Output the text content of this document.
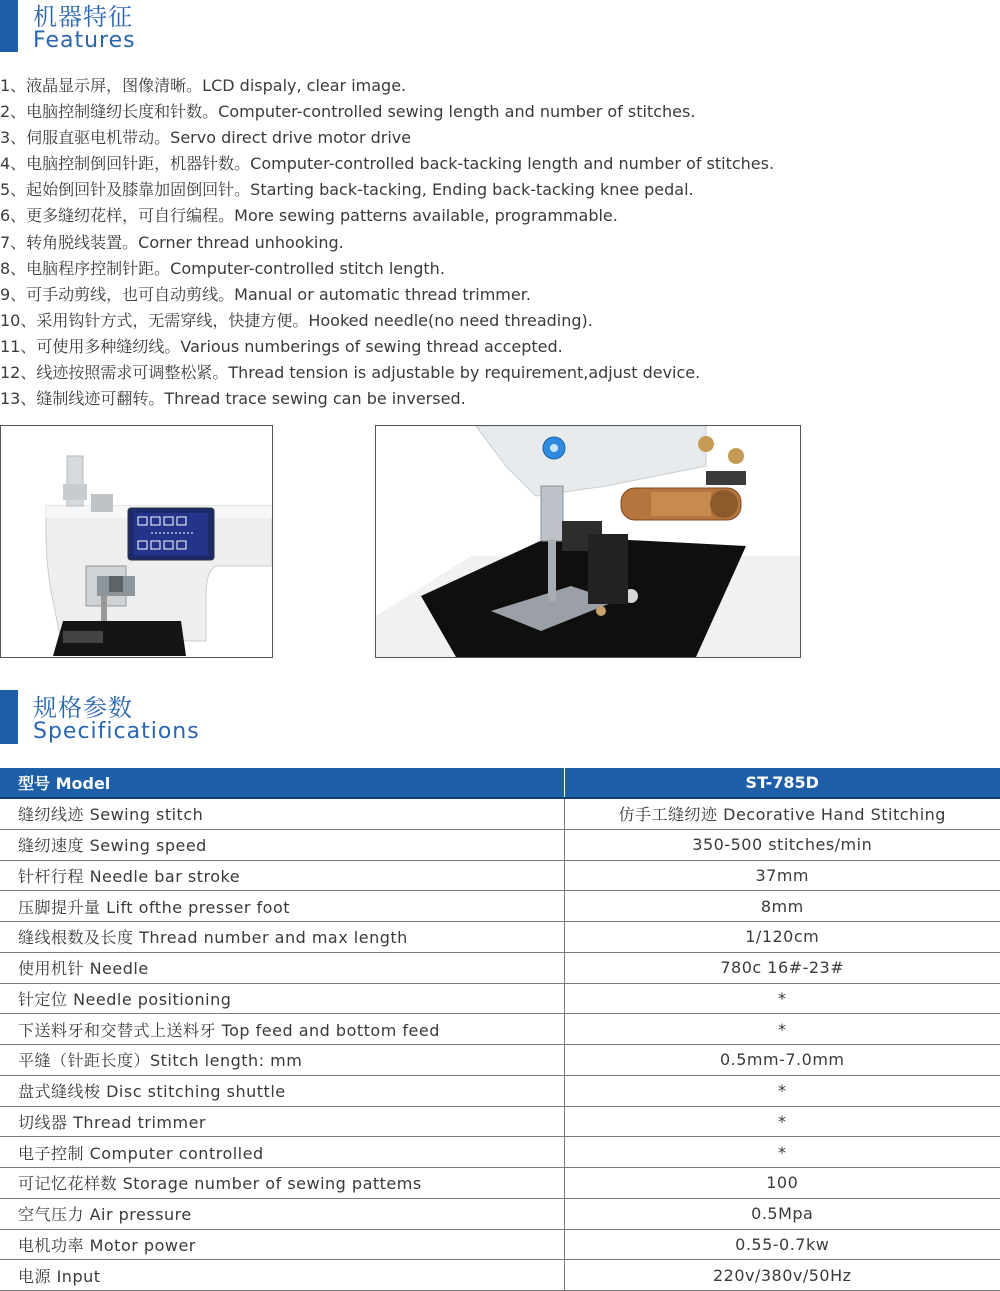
机器特征
Features
1、液晶显示屏，图像清晰。LCD dispaly, clear image.
2、电脑控制缝纫长度和针数。Computer-controlled sewing length and number of stitches.
3、伺服直驱电机带动。Servo direct drive motor drive
4、电脑控制倒回针距，机器针数。Computer-controlled back-tacking length and number of stitches.
5、起始倒回针及膝靠加固倒回针。Starting back-tacking, Ending back-tacking knee pedal.
6、更多缝纫花样，可自行编程。More sewing patterns available, programmable.
7、转角脱线装置。Corner thread unhooking.
8、电脑程序控制针距。Computer-controlled stitch length.
9、可手动剪线，也可自动剪线。Manual or automatic thread trimmer.
10、采用钩针方式，无需穿线，快捷方便。Hooked needle(no need threading).
11、可使用多种缝纫线。Various numberings of sewing thread accepted.
12、线迹按照需求可调整松紧。Thread tension is adjustable by requirement,adjust device.
13、缝制线迹可翻转。Thread trace sewing can be inversed.
规格参数
Specifications
型号 Model	ST-785D
缝纫线迹 Sewing stitch	仿手工缝纫迹 Decorative Hand Stitching
缝纫速度 Sewing speed	350-500 stitches/min
针杆行程 Needle bar stroke	37mm
压脚提升量 Lift ofthe presser foot	8mm
缝线根数及长度 Thread number and max length	1/120cm
使用机针 Needle	780c 16#-23#
针定位 Needle positioning	*
下送料牙和交替式上送料牙 Top feed and bottom feed	*
平缝（针距长度）Stitch length: mm	0.5mm-7.0mm
盘式缝线梭 Disc stitching shuttle	*
切线器 Thread trimmer	*
电子控制 Computer controlled	*
可记忆花样数 Storage number of sewing pattems	100
空气压力 Air pressure	0.5Mpa
电机功率 Motor power	0.55-0.7kw
电源 Input	220v/380v/50Hz
